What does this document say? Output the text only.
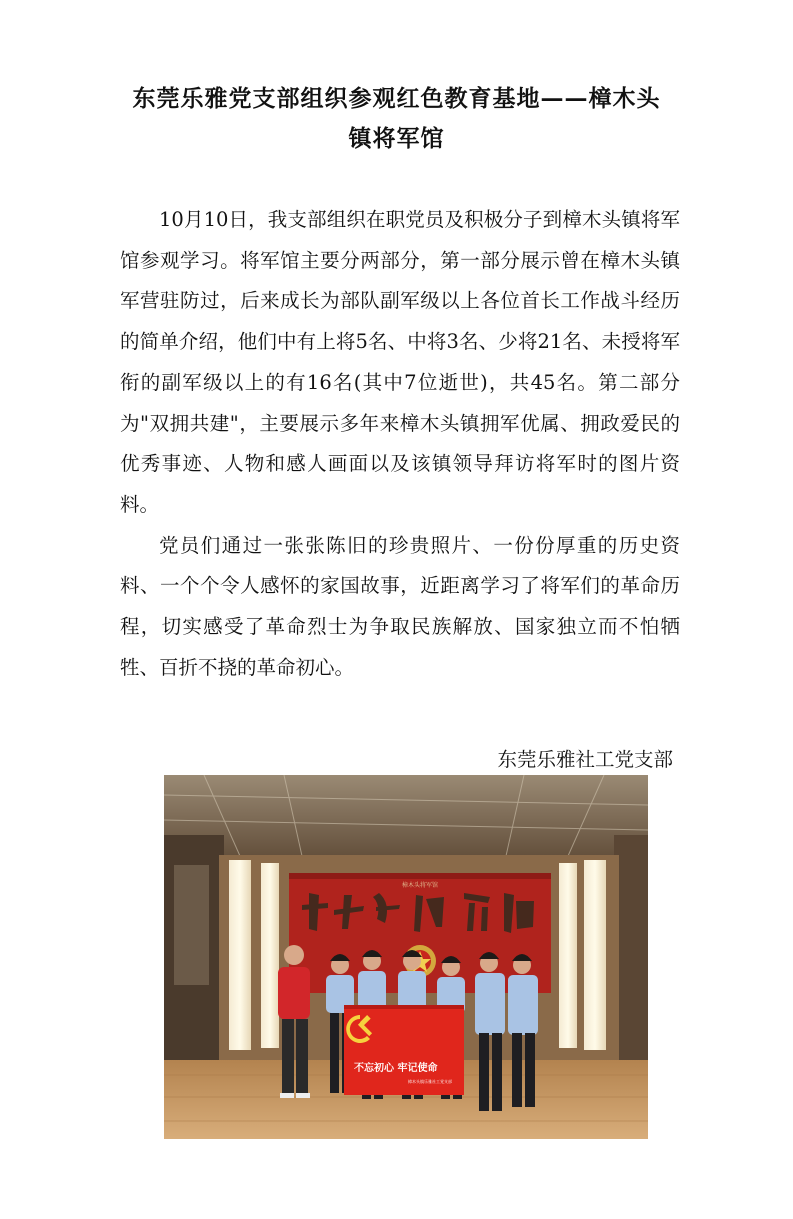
东莞乐雅党支部组织参观红色教育基地——樟木头
镇将军馆

10月10日，我支部组织在职党员及积极分子到樟木头镇将军馆参观学习。将军馆主要分两部分，第一部分展示曾在樟木头镇军营驻防过，后来成长为部队副军级以上各位首长工作战斗经历的简单介绍，他们中有上将5名、中将3名、少将21名、未授将军衔的副军级以上的有16名(其中7位逝世)，共45名。第二部分为"双拥共建"，主要展示多年来樟木头镇拥军优属、拥政爱民的优秀事迹、人物和感人画面以及该镇领导拜访将军时的图片资料。

党员们通过一张张陈旧的珍贵照片、一份份厚重的历史资料、一个个令人感怀的家国故事，近距离学习了将军们的革命历程，切实感受了革命烈士为争取民族解放、国家独立而不怕牺牲、百折不挠的革命初心。

东莞乐雅社工党支部
樟木头将军馆
不忘初心 牢记使命
樟木头镇乐雅社工党支部
